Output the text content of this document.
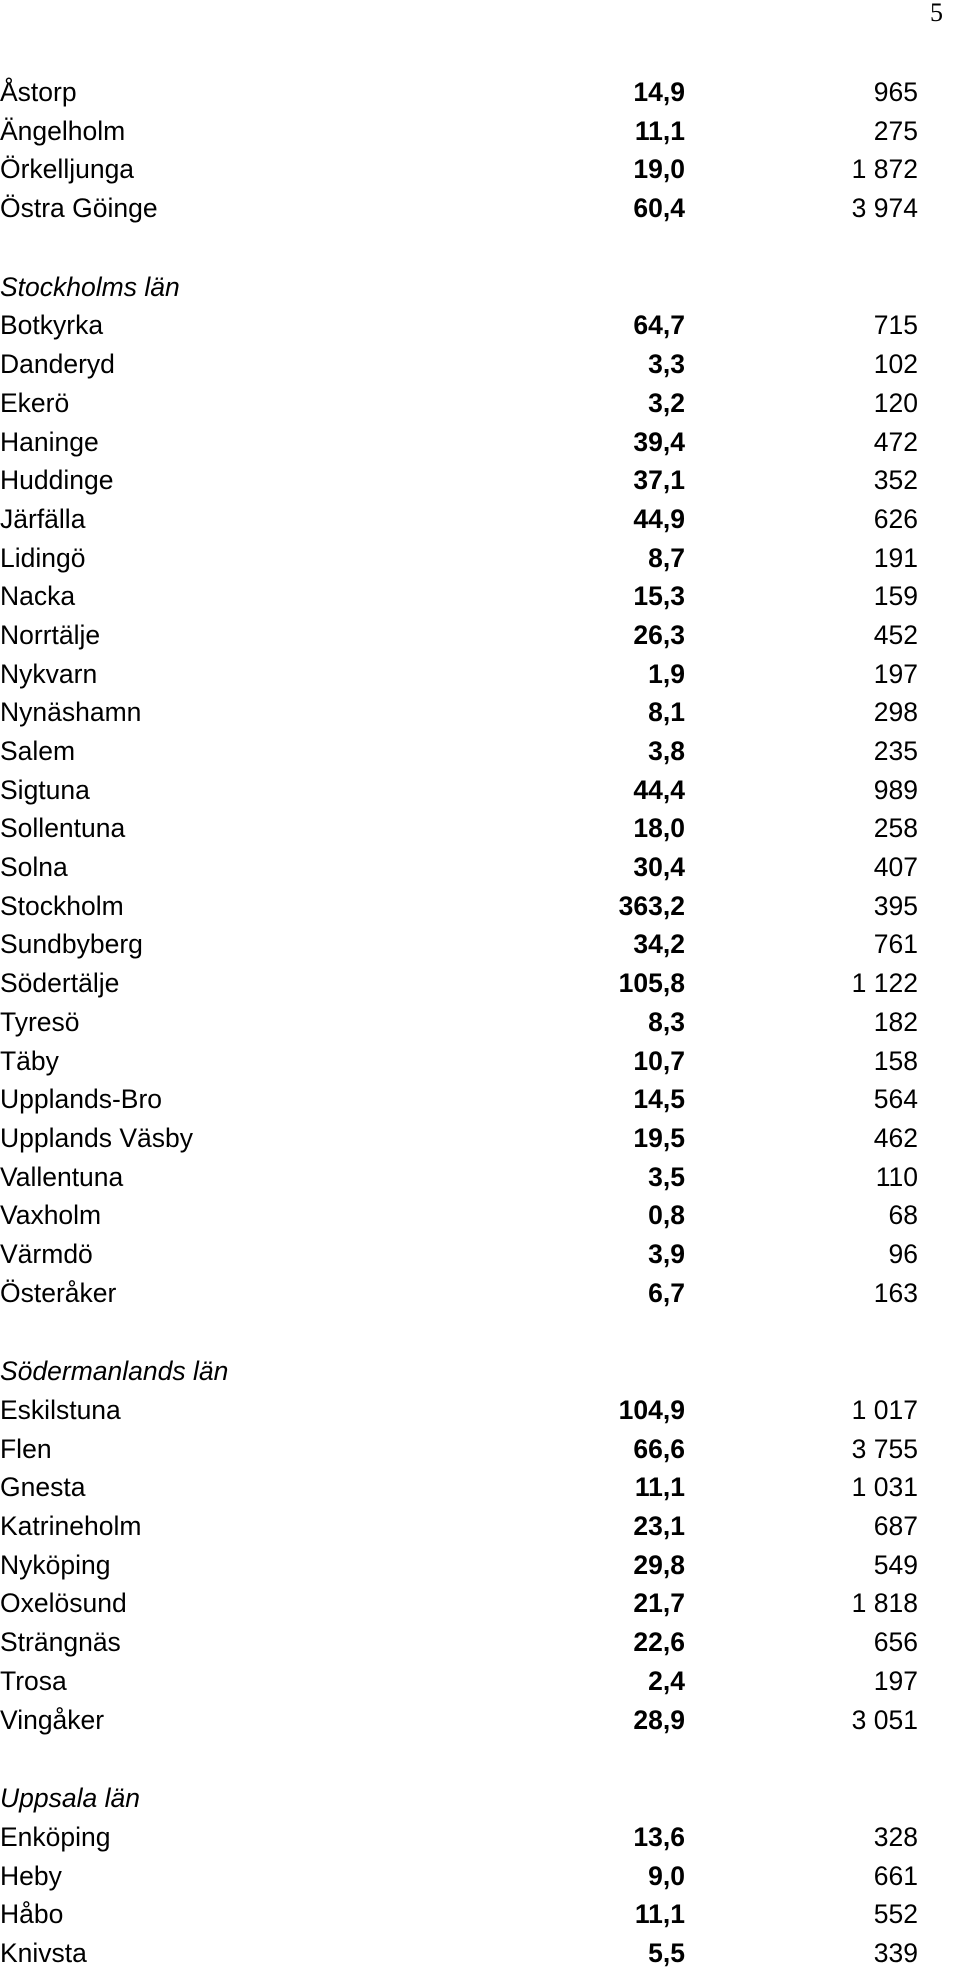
5
Åstorp	14,9	965
Ängelholm	11,1	275
Örkelljunga	19,0	1 872
Östra Göinge	60,4	3 974
Stockholms län
Botkyrka	64,7	715
Danderyd	3,3	102
Ekerö	3,2	120
Haninge	39,4	472
Huddinge	37,1	352
Järfälla	44,9	626
Lidingö	8,7	191
Nacka	15,3	159
Norrtälje	26,3	452
Nykvarn	1,9	197
Nynäshamn	8,1	298
Salem	3,8	235
Sigtuna	44,4	989
Sollentuna	18,0	258
Solna	30,4	407
Stockholm	363,2	395
Sundbyberg	34,2	761
Södertälje	105,8	1 122
Tyresö	8,3	182
Täby	10,7	158
Upplands-Bro	14,5	564
Upplands Väsby	19,5	462
Vallentuna	3,5	110
Vaxholm	0,8	68
Värmdö	3,9	96
Österåker	6,7	163
Södermanlands län
Eskilstuna	104,9	1 017
Flen	66,6	3 755
Gnesta	11,1	1 031
Katrineholm	23,1	687
Nyköping	29,8	549
Oxelösund	21,7	1 818
Strängnäs	22,6	656
Trosa	2,4	197
Vingåker	28,9	3 051
Uppsala län
Enköping	13,6	328
Heby	9,0	661
Håbo	11,1	552
Knivsta	5,5	339
